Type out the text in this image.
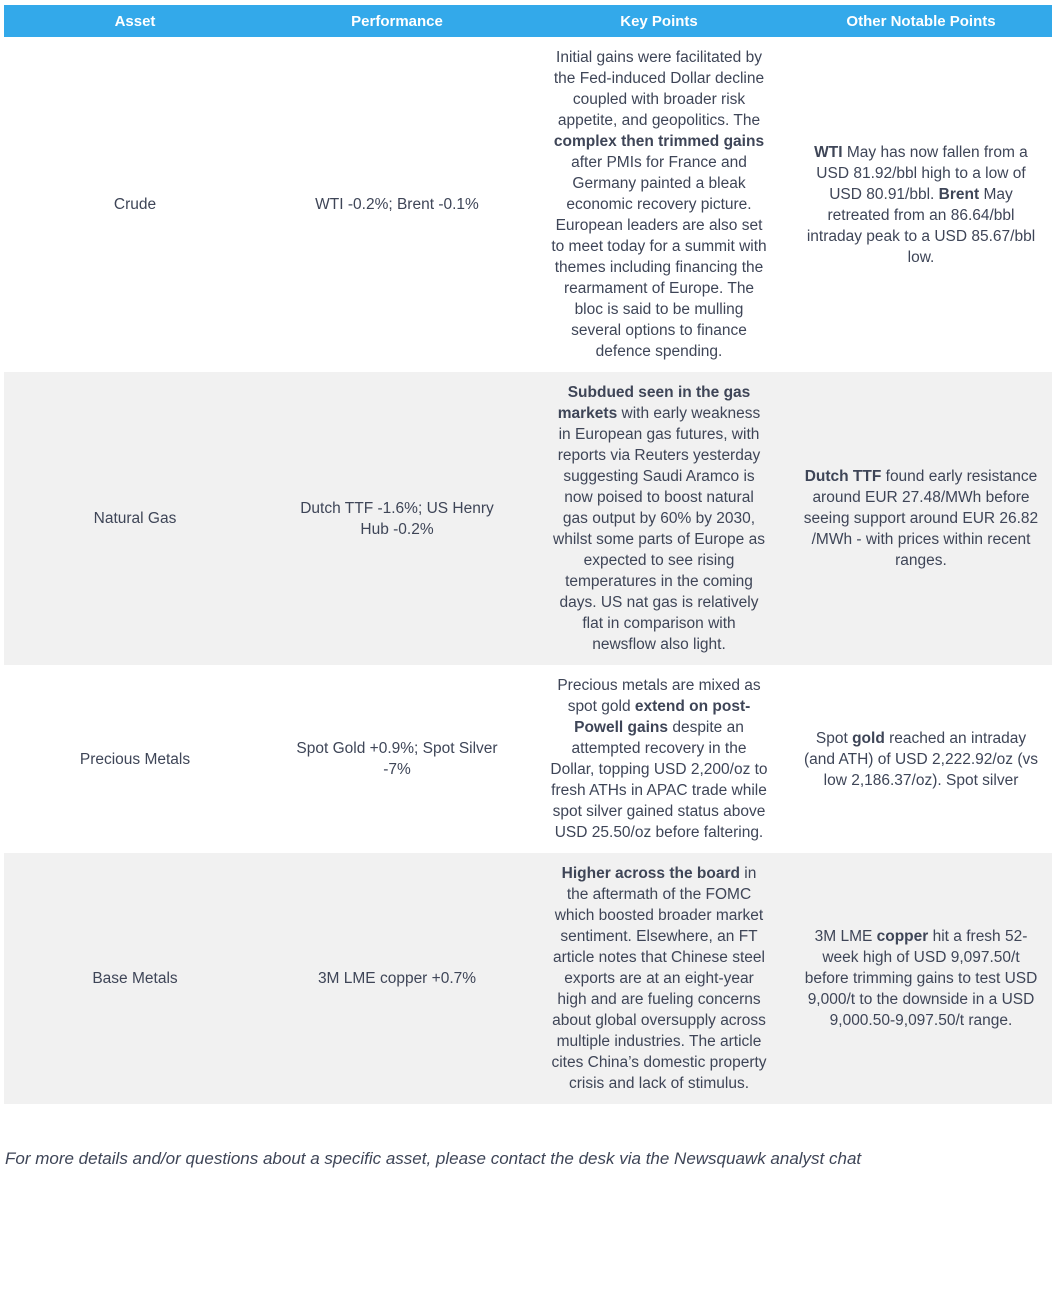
Asset	Performance	Key Points	Other Notable Points
Crude	WTI -0.2%; Brent -0.1%	Initial gains were facilitated by the Fed-induced Dollar decline coupled with broader risk appetite, and geopolitics. The complex then trimmed gains after PMIs for France and Germany painted a bleak economic recovery picture. European leaders are also set to meet today for a summit with themes including financing the rearmament of Europe. The bloc is said to be mulling several options to finance defence spending.	WTI May has now fallen from a USD 81.92/bbl high to a low of USD 80.91/bbl. Brent May retreated from an 86.64/bbl intraday peak to a USD 85.67/bbl low.
Natural Gas	Dutch TTF -1.6%; US Henry Hub -0.2%	Subdued seen in the gas markets with early weakness in European gas futures, with reports via Reuters yesterday suggesting Saudi Aramco is now poised to boost natural gas output by 60% by 2030, whilst some parts of Europe as expected to see rising temperatures in the coming days. US nat gas is relatively flat in comparison with newsflow also light.	Dutch TTF found early resistance around EUR 27.48/MWh before seeing support around EUR 26.82 /MWh - with prices within recent ranges.
Precious Metals	Spot Gold +0.9%; Spot Silver -7%	Precious metals are mixed as spot gold extend on post-Powell gains despite an attempted recovery in the Dollar, topping USD 2,200/oz to fresh ATHs in APAC trade while spot silver gained status above USD 25.50/oz before faltering.	Spot gold reached an intraday (and ATH) of USD 2,222.92/oz (vs low 2,186.37/oz). Spot silver
Base Metals	3M LME copper +0.7%	Higher across the board in the aftermath of the FOMC which boosted broader market sentiment. Elsewhere, an FT article notes that Chinese steel exports are at an eight-year high and are fueling concerns about global oversupply across multiple industries. The article cites China’s domestic property crisis and lack of stimulus.	3M LME copper hit a fresh 52-week high of USD 9,097.50/t before trimming gains to test USD 9,000/t to the downside in a USD 9,000.50-9,097.50/t range.
For more details and/or questions about a specific asset, please contact the desk via the Newsquawk analyst chat
